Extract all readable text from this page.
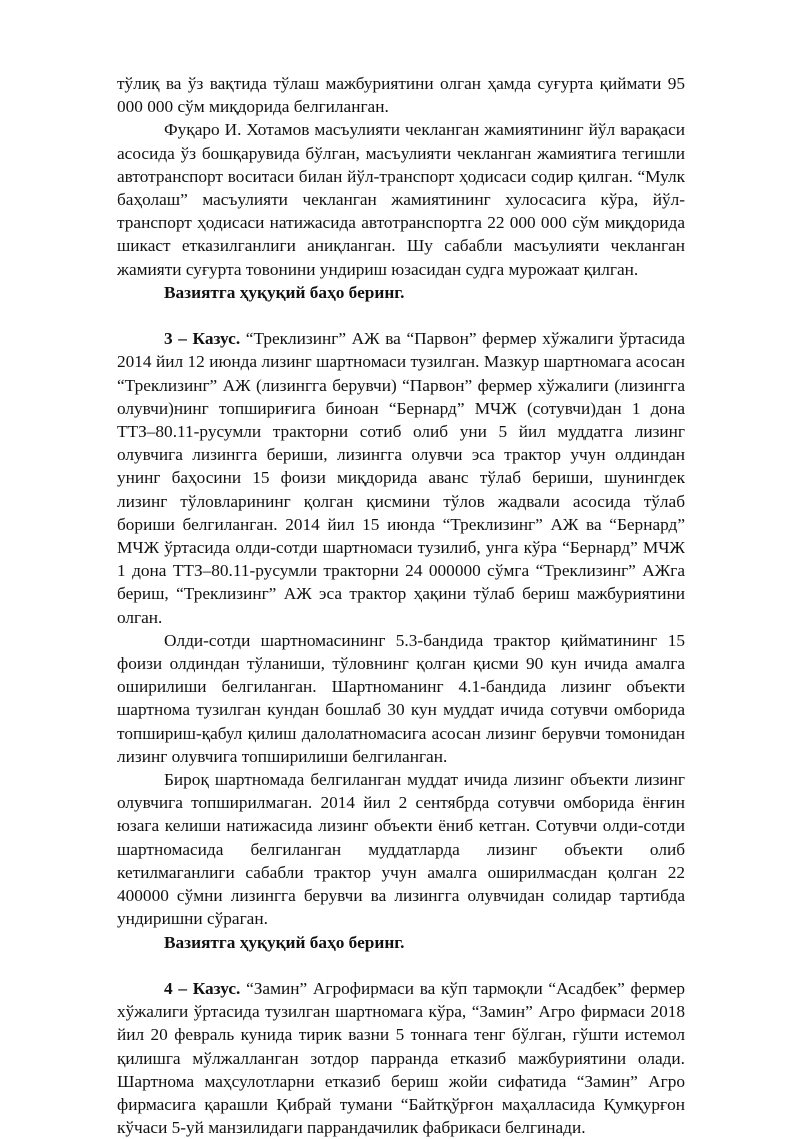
тўлиқ ва ўз вақтида тўлаш мажбуриятини олган ҳамда суғурта қиймати 95 000 000 сўм миқдорида белгиланган.

Фуқаро И. Хотамов масъулияти чекланган жамиятининг йўл варақаси асосида ўз бошқарувида бўлган, масъулияти чекланган жамиятига тегишли автотранспорт воситаси билан йўл-транспорт ҳодисаси содир қилган. “Мулк баҳолаш” масъулияти чекланган жамиятининг хулосасига кўра, йўл-транспорт ҳодисаси натижасида автотранспортга 22 000 000 сўм миқдорида шикаст етказилганлиги аниқланган. Шу сабабли масъулияти чекланган жамияти суғурта товонини ундириш юзасидан судга мурожаат қилган.

Вазиятга ҳуқуқий баҳо беринг.

3 – Казус. “Треклизинг” АЖ ва “Парвон” фермер хўжалиги ўртасида 2014 йил 12 июнда лизинг шартномаси тузилган. Мазкур шартномага асосан “Треклизинг” АЖ (лизингга берувчи) “Парвон” фермер хўжалиги (лизингга олувчи)нинг топшириғига биноан “Бернард” МЧЖ (сотувчи)дан 1 дона ТТЗ–80.11-русумли тракторни сотиб олиб уни 5 йил муддатга лизинг олувчига лизингга бериши, лизингга олувчи эса трактор учун олдиндан унинг баҳосини 15 фоизи миқдорида аванс тўлаб бериши, шунингдек лизинг тўловларининг қолган қисмини тўлов жадвали асосида тўлаб бориши белгиланган. 2014 йил 15 июнда “Треклизинг” АЖ ва “Бернард” МЧЖ ўртасида олди-сотди шартномаси тузилиб, унга кўра “Бернард” МЧЖ 1 дона ТТЗ–80.11-русумли тракторни 24 000000 сўмга “Треклизинг” АЖга бериш, “Треклизинг” АЖ эса трактор ҳақини тўлаб бериш мажбуриятини олган.

Олди-сотди шартномасининг 5.3-бандида трактор қийматининг 15 фоизи олдиндан тўланиши, тўловнинг қолган қисми 90 кун ичида амалга оширилиши белгиланган. Шартноманинг 4.1-бандида лизинг объекти шартнома тузилган кундан бошлаб 30 кун муддат ичида сотувчи омборида топшириш-қабул қилиш далолатномасига асосан лизинг берувчи томонидан лизинг олувчига топширилиши белгиланган.

Бироқ шартномада белгиланган муддат ичида лизинг объекти лизинг олувчига топширилмаган. 2014 йил 2 сентябрда сотувчи омборида ёнғин юзага келиши натижасида лизинг объекти ёниб кетган. Сотувчи олди-сотди шартномасида белгиланган муддатларда лизинг объекти олиб кетилмаганлиги сабабли трактор учун амалга оширилмасдан қолган 22 400000 сўмни лизингга берувчи ва лизингга олувчидан солидар тартибда ундиришни сўраган.

Вазиятга ҳуқуқий баҳо беринг.

4 – Казус. “Замин” Агрофирмаси ва кўп тармоқли “Асадбек” фермер хўжалиги ўртасида тузилган шартномага кўра, “Замин” Агро фирмаси 2018 йил 20 февраль кунида тирик вазни 5 тоннага тенг бўлган, гўшти истемол қилишга мўлжалланган зотдор парранда етказиб мажбуриятини олади. Шартнома маҳсулотларни етказиб бериш жойи сифатида “Замин” Агро фирмасига қарашли Қибрай тумани “Байтқўрғон маҳалласида Қумқурғон кўчаси 5-уй манзилидаги паррандачилик фабрикаси белгинади.
